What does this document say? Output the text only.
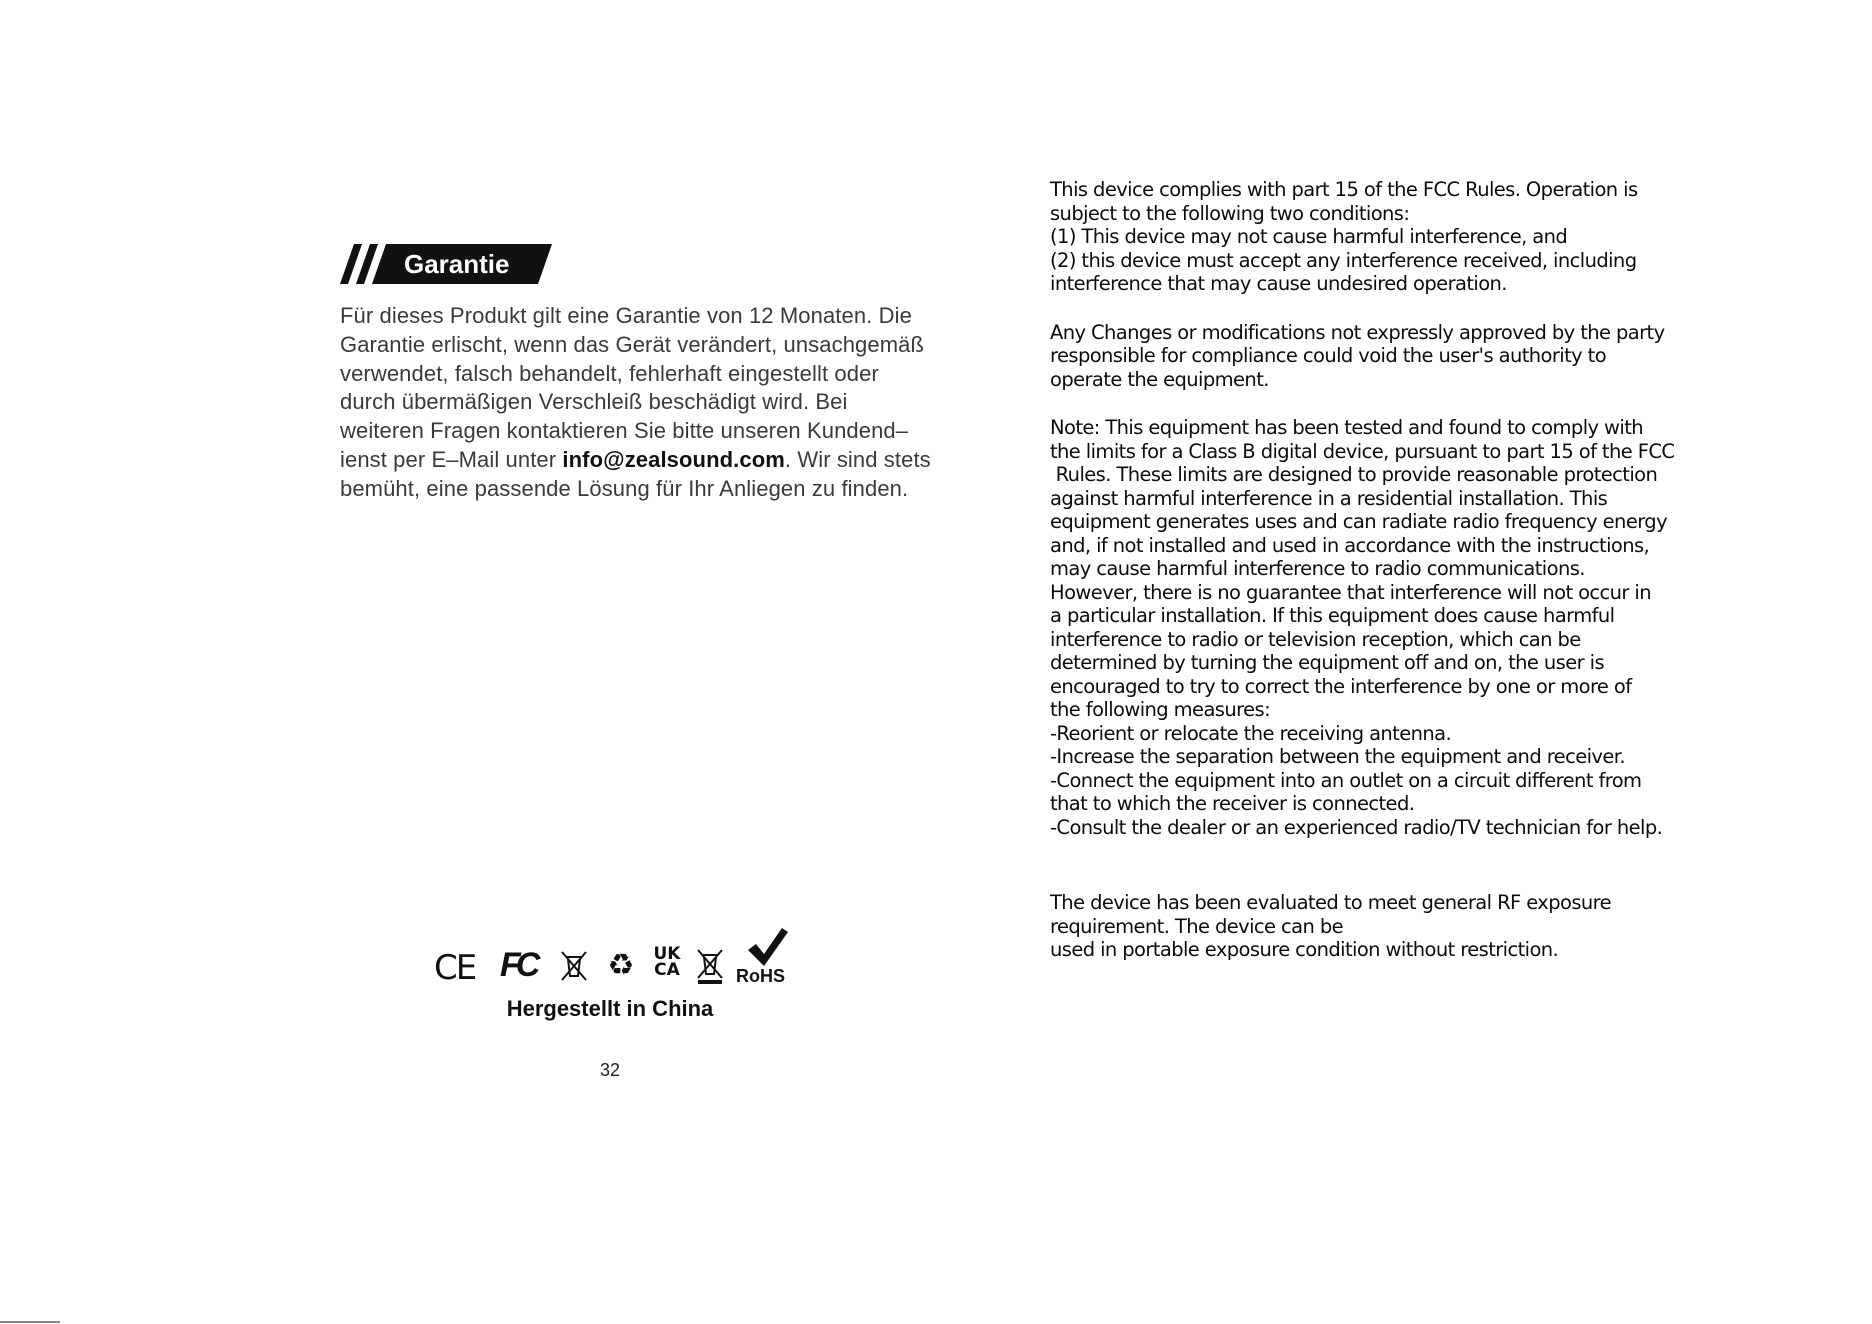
Garantie
Für dieses Produkt gilt eine Garantie von 12 Monaten. Die
Garantie erlischt, wenn das Gerät verändert, unsachgemäß
verwendet, falsch behandelt, fehlerhaft eingestellt oder
durch übermäßigen Verschleiß beschädigt wird. Bei
weiteren Fragen kontaktieren Sie bitte unseren Kundend–
ienst per E–Mail unter info@zealsound.com. Wir sind stets
bemüht, eine passende Lösung für Ihr Anliegen zu finden.
CE FC ♻ UK
CA	RoHS
Hergestellt in China
32

This device complies with part 15 of the FCC Rules. Operation is
subject to the following two conditions:
(1) This device may not cause harmful interference, and
(2) this device must accept any interference received, including
interference that may cause undesired operation.

Any Changes or modifications not expressly approved by the party
responsible for compliance could void the user's authority to
operate the equipment.

Note: This equipment has been tested and found to comply with
the limits for a Class B digital device, pursuant to part 15 of the FCC
Rules. These limits are designed to provide reasonable protection
against harmful interference in a residential installation. This
equipment generates uses and can radiate radio frequency energy
and, if not installed and used in accordance with the instructions,
may cause harmful interference to radio communications.
However, there is no guarantee that interference will not occur in
a particular installation. If this equipment does cause harmful
interference to radio or television reception, which can be
determined by turning the equipment off and on, the user is
encouraged to try to correct the interference by one or more of
the following measures:
-Reorient or relocate the receiving antenna.
-Increase the separation between the equipment and receiver.
-Connect the equipment into an outlet on a circuit different from
that to which the receiver is connected.
-Consult the dealer or an experienced radio/TV technician for help.

The device has been evaluated to meet general RF exposure
requirement. The device can be
used in portable exposure condition without restriction.
